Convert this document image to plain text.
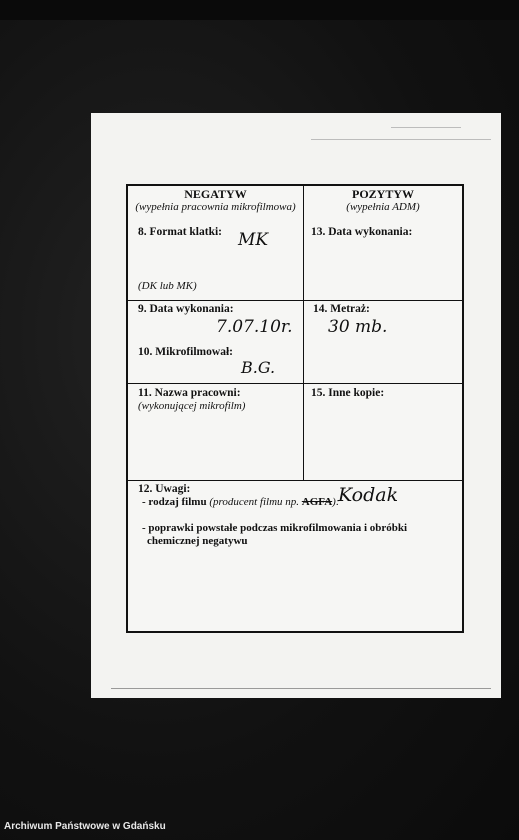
NEGATYW
(wypełnia pracownia mikrofilmowa)
POZYTYW
(wypełnia ADM)
8. Format klatki: MK
(DK lub MK)
13. Data wykonania:
9. Data wykonania:
7.07.10r.
14. Metraż:
30 mb.
10. Mikrofilmował:
B.G.
11. Nazwa pracowni:
(wykonującej mikrofilm)
15. Inne kopie:
12. Uwagi:
- rodzaj filmu (producent filmu np. AGFA):
Kodak
- poprawki powstałe podczas mikrofilmowania i obróbki
chemicznej negatywu
Archiwum Państwowe w Gdańsku
